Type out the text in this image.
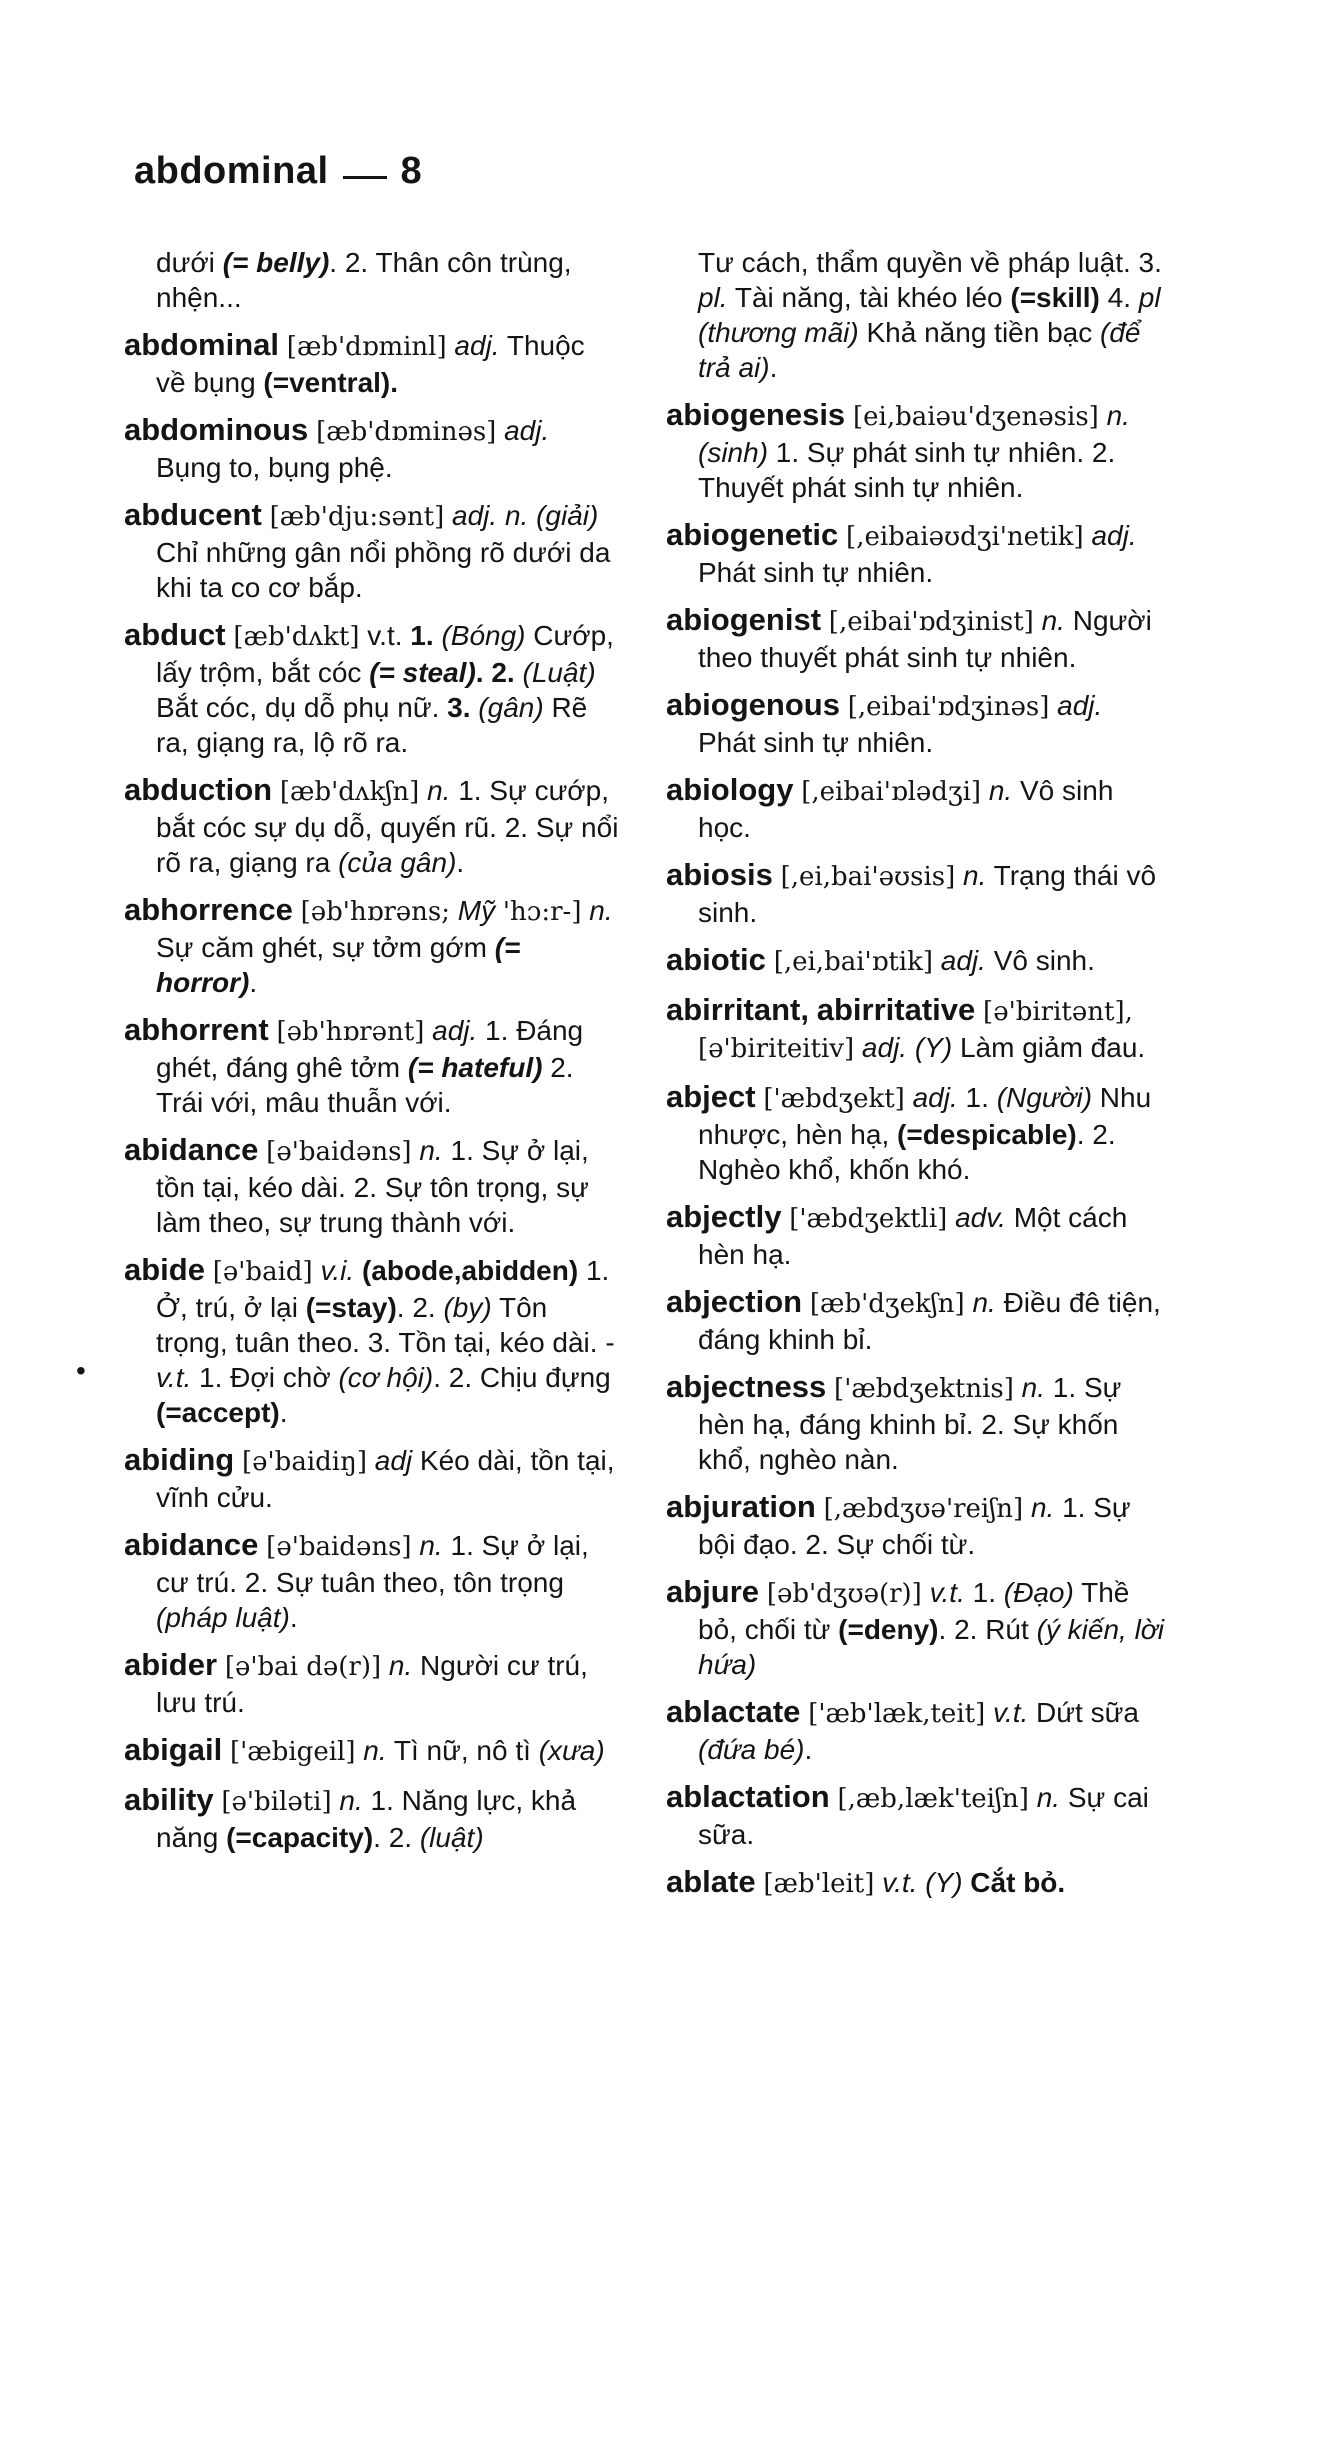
abdominal 8
•

dưới (= belly). 2. Thân côn trùng, nhện...

abdominal [æb'dɒminl] adj. Thuộc về bụng (=ventral).

abdominous [æb'dɒminəs] adj. Bụng to, bụng phệ.

abducent [æb'dju:sənt] adj. n. (giải) Chỉ những gân nổi phồng rõ dưới da khi ta co cơ bắp.

abduct [æb'dʌkt] v.t. 1. (Bóng) Cướp, lấy trộm, bắt cóc (= steal). 2. (Luật) Bắt cóc, dụ dỗ phụ nữ. 3. (gân) Rẽ ra, giạng ra, lộ rõ ra.

abduction [æb'dʌkʃn] n. 1. Sự cướp, bắt cóc sự dụ dỗ, quyến rũ. 2. Sự nổi rõ ra, giạng ra (của gân).

abhorrence [əb'hɒrəns; Mỹ 'hɔ:r-] n. Sự căm ghét, sự tởm gớm (= horror).

abhorrent [əb'hɒrənt] adj. 1. Đáng ghét, đáng ghê tởm (= hateful) 2. Trái với, mâu thuẫn với.

abidance [ə'baidəns] n. 1. Sự ở lại, tồn tại, kéo dài. 2. Sự tôn trọng, sự làm theo, sự trung thành với.

abide [ə'baid] v.i. (abode,abidden) 1. Ở, trú, ở lại (=stay). 2. (by) Tôn trọng, tuân theo. 3. Tồn tại, kéo dài. - v.t. 1. Đợi chờ (cơ hội). 2. Chịu đựng (=accept).

abiding [ə'baidiŋ] adj Kéo dài, tồn tại, vĩnh cửu.

abidance [ə'baidəns] n. 1. Sự ở lại, cư trú. 2. Sự tuân theo, tôn trọng (pháp luật).

abider [ə'bai də(r)] n. Người cư trú, lưu trú.

abigail ['æbigeil] n. Tì nữ, nô tì (xưa)

ability [ə'biləti] n. 1. Năng lực, khả năng (=capacity). 2. (luật)

Tư cách, thẩm quyền về pháp luật. 3. pl. Tài năng, tài khéo léo (=skill) 4. pl (thương mãi) Khả năng tiền bạc (để trả ai).

abiogenesis [ei,baiəu'dʒenəsis] n. (sinh) 1. Sự phát sinh tự nhiên. 2. Thuyết phát sinh tự nhiên.

abiogenetic [,eibaiəʊdʒi'netik] adj. Phát sinh tự nhiên.

abiogenist [,eibai'ɒdʒinist] n. Người theo thuyết phát sinh tự nhiên.

abiogenous [,eibai'ɒdʒinəs] adj. Phát sinh tự nhiên.

abiology [,eibai'ɒlədʒi] n. Vô sinh học.

abiosis [,ei,bai'əʊsis] n. Trạng thái vô sinh.

abiotic [,ei,bai'ɒtik] adj. Vô sinh.

abirritant, abirritative [ə'biritənt], [ə'biriteitiv] adj. (Y) Làm giảm đau.

abject ['æbdʒekt] adj. 1. (Người) Nhu nhược, hèn hạ, (=despicable). 2. Nghèo khổ, khốn khó.

abjectly ['æbdʒektli] adv. Một cách hèn hạ.

abjection [æb'dʒekʃn] n. Điều đê tiện, đáng khinh bỉ.

abjectness ['æbdʒektnis] n. 1. Sự hèn hạ, đáng khinh bỉ. 2. Sự khốn khổ, nghèo nàn.

abjuration [,æbdʒʊə'reiʃn] n. 1. Sự bội đạo. 2. Sự chối từ.

abjure [əb'dʒʊə(r)] v.t. 1. (Đạo) Thề bỏ, chối từ (=deny). 2. Rút (ý kiến, lời hứa)

ablactate ['æb'læk,teit] v.t. Dứt sữa (đứa bé).

ablactation [,æb,læk'teiʃn] n. Sự cai sữa.

ablate [æb'leit] v.t. (Y) Cắt bỏ.
